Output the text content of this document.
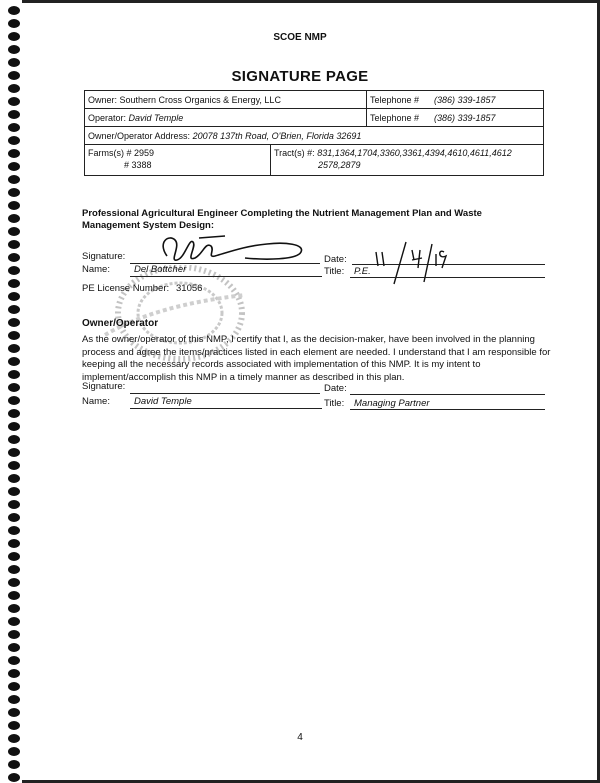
SCOE NMP
SIGNATURE PAGE
Owner:
Southern Cross Organics & Energy, LLC	Telephone #	(386) 339-1857
Operator:
David Temple	Telephone #	(386) 339-1857
Owner/Operator Address: 20078 137th Road, O'Brien, Florida 32691
Farms(s) # 2959
# 3388
Tract(s) #: 831,1364,1704,3360,3361,4394,4610,4611,4612
2578,2879
Professional Agricultural Engineer Completing the Nutrient Management Plan and Waste Management System Design:
Signature:	Date:
Name:	Del Bottcher	Title: P.E.
PE License Number: 31056
Owner/Operator
As the owner/operator of this NMP, I certify that I, as the decision-maker, have been involved in the planning process and agree the items/practices listed in each element are needed. I understand that I am responsible for keeping all the necessary records associated with implementation of this NMP. It is my intent to implement/accomplish this NMP in a timely manner as described in this plan.
Signature:	Date:
Name:	David Temple	Title: Managing Partner
4
